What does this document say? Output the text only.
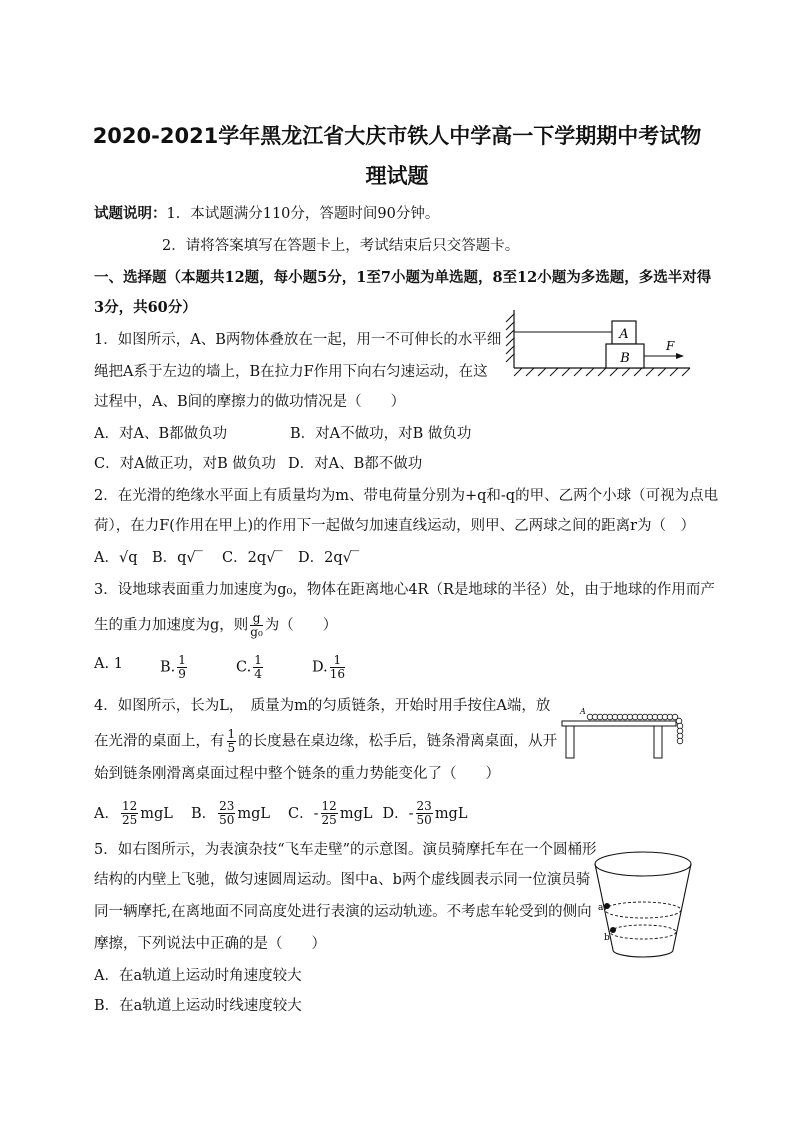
2020-2021学年黑龙江省大庆市铁人中学高一下学期期中考试物
理试题
试题说明：1．本试题满分110分，答题时间90分钟。
2．请将答案填写在答题卡上，考试结束后只交答题卡。
一、选择题（本题共12题，每小题5分，1至7小题为单选题，8至12小题为多选题，多选半对得
3分，共60分）
1．如图所示，A、B两物体叠放在一起，用一不可伸长的水平细
绳把A系于左边的墙上，B在拉力F作用下向右匀速运动，在这
过程中，A、B间的摩擦力的做功情况是（　　）
A．对A、B都做负功	B．对A不做功，对B 做负功
C．对A做正功，对B 做负功 D．对A、B都不做功
A
B
F
2．在光滑的绝缘水平面上有质量均为m、带电荷量分别为+q和-q的甲、乙两个小球（可视为点电
荷），在力F(作用在甲上)的作用下一起做匀加速直线运动，则甲、乙两球之间的距离r为（　）
A．√q B．q√‾ C．2q√‾ D．2q√‾
3．设地球表面重力加速度为g₀，物体在距离地心4R（R是地球的半径）处，由于地球的作用而产
生的重力加速度为g，则 $\frac{g}{\text{g₀}}$ 为（　　）
A. 1	B. $\frac{1}{9}$	C. $\frac{1}{4}$	D. $\frac{1}{16}$
4．如图所示，长为L，　质量为m的匀质链条，开始时用手按住A端，放
在光滑的桌面上，有 $\frac{1}{5}$ 的长度悬在桌边缘，松手后，链条滑离桌面，从开
始到链条刚滑离桌面过程中整个链条的重力势能变化了（　　）
A． $\frac{12}{25}$ mgL B． $\frac{23}{50}$ mgL C．- $\frac{12}{25}$ mgL D．- $\frac{23}{50}$ mgL
A
5．如右图所示，为表演杂技“飞车走壁”的示意图。演员骑摩托车在一个圆桶形
结构的内壁上飞驰，做匀速圆周运动。图中a、b两个虚线圆表示同一位演员骑
同一辆摩托,在离地面不同高度处进行表演的运动轨迹。不考虑车轮受到的侧向
摩擦，下列说法中正确的是（　　）
A．在a轨道上运动时角速度较大
B．在a轨道上运动时线速度较大
a
b
